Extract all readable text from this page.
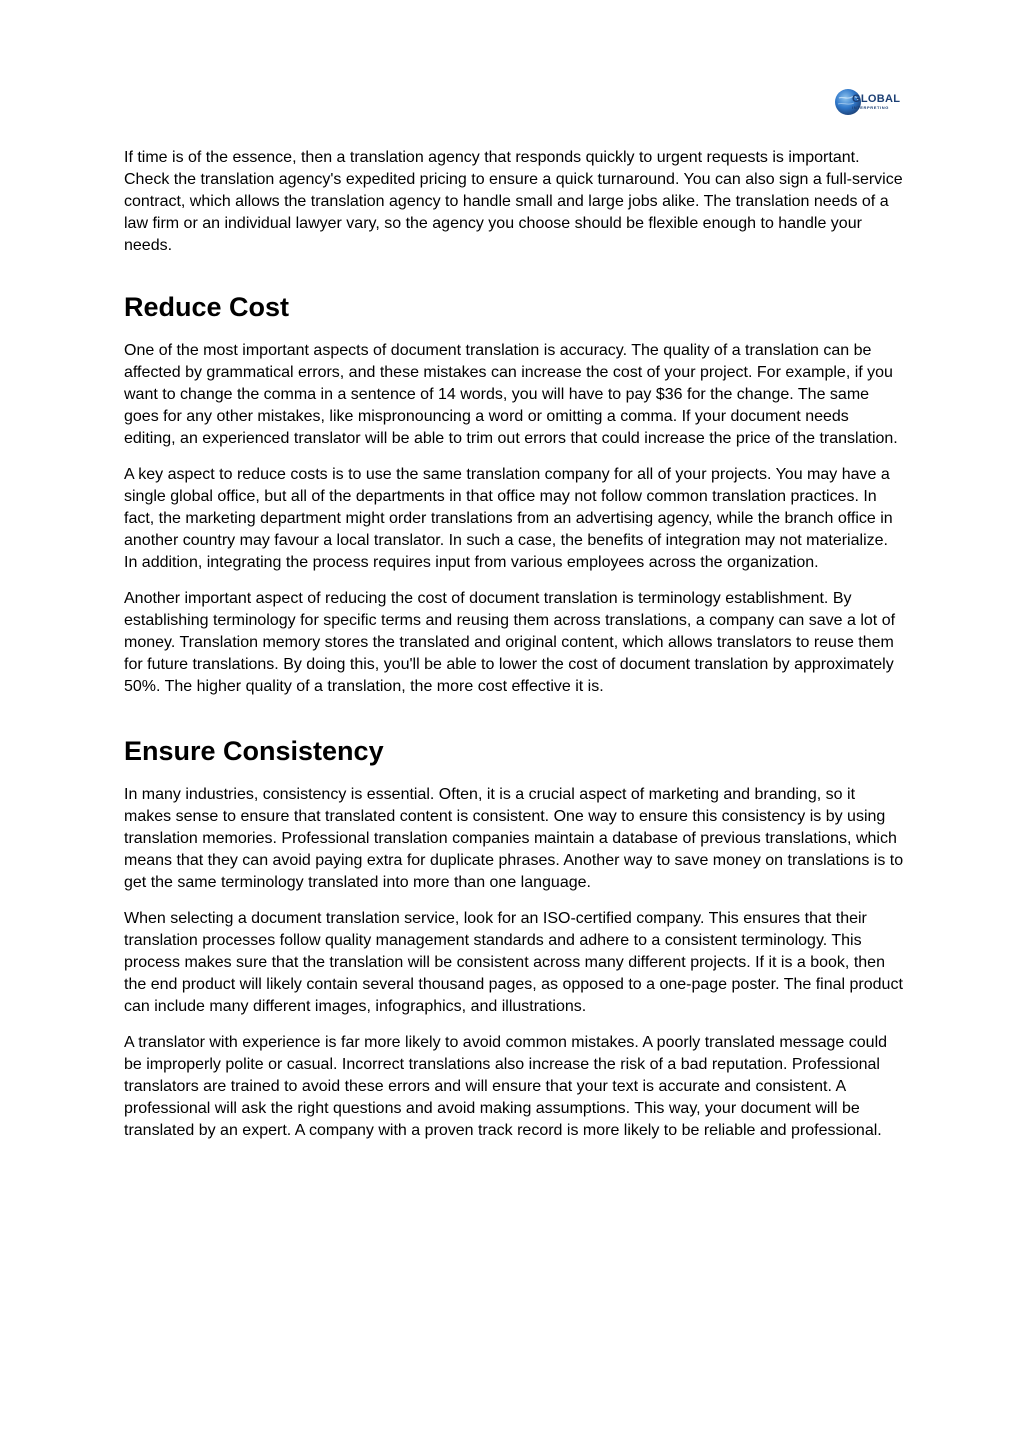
GLOBAL
INTERPRETING

If time is of the essence, then a translation agency that responds quickly to urgent requests is important. Check the translation agency's expedited pricing to ensure a quick turnaround. You can also sign a full-service contract, which allows the translation agency to handle small and large jobs alike. The translation needs of a law firm or an individual lawyer vary, so the agency you choose should be flexible enough to handle your needs.

Reduce Cost

One of the most important aspects of document translation is accuracy. The quality of a translation can be affected by grammatical errors, and these mistakes can increase the cost of your project. For example, if you want to change the comma in a sentence of 14 words, you will have to pay $36 for the change. The same goes for any other mistakes, like mispronouncing a word or omitting a comma. If your document needs editing, an experienced translator will be able to trim out errors that could increase the price of the translation.

A key aspect to reduce costs is to use the same translation company for all of your projects. You may have a single global office, but all of the departments in that office may not follow common translation practices. In fact, the marketing department might order translations from an advertising agency, while the branch office in another country may favour a local translator. In such a case, the benefits of integration may not materialize. In addition, integrating the process requires input from various employees across the organization.

Another important aspect of reducing the cost of document translation is terminology establishment. By establishing terminology for specific terms and reusing them across translations, a company can save a lot of money. Translation memory stores the translated and original content, which allows translators to reuse them for future translations. By doing this, you'll be able to lower the cost of document translation by approximately 50%. The higher quality of a translation, the more cost effective it is.

Ensure Consistency

In many industries, consistency is essential. Often, it is a crucial aspect of marketing and branding, so it makes sense to ensure that translated content is consistent. One way to ensure this consistency is by using translation memories. Professional translation companies maintain a database of previous translations, which means that they can avoid paying extra for duplicate phrases. Another way to save money on translations is to get the same terminology translated into more than one language.

When selecting a document translation service, look for an ISO-certified company. This ensures that their translation processes follow quality management standards and adhere to a consistent terminology. This process makes sure that the translation will be consistent across many different projects. If it is a book, then the end product will likely contain several thousand pages, as opposed to a one-page poster. The final product can include many different images, infographics, and illustrations.

A translator with experience is far more likely to avoid common mistakes. A poorly translated message could be improperly polite or casual. Incorrect translations also increase the risk of a bad reputation. Professional translators are trained to avoid these errors and will ensure that your text is accurate and consistent. A professional will ask the right questions and avoid making assumptions. This way, your document will be translated by an expert. A company with a proven track record is more likely to be reliable and professional.
